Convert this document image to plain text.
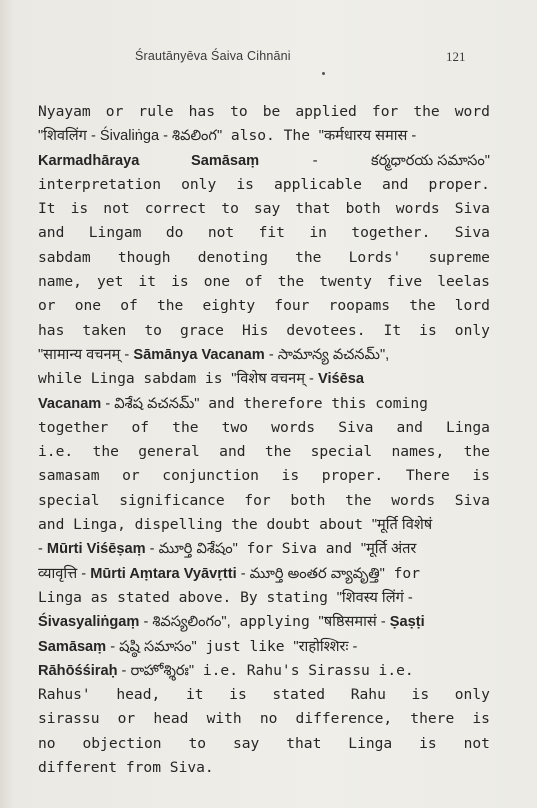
Śrautānyēva Śaiva Cihnāni	121
Nyayam or rule has to be applied for the word
"शिवलिंग - Śivaliṅga - శివలింగ" also. The "कर्मधारय समास -
Karmadhāraya	Samāsaṃ	-	కర్మధారయ సమాసం"
interpretation only is applicable and proper.
It is not correct to say that both words Siva
and Lingam do not fit in together. Siva
sabdam though denoting the Lords' supreme
name, yet it is one of the twenty five leelas
or one of the eighty four roopams the lord
has taken to grace His devotees. It is only
"सामान्य वचनम् - Sāmānya Vacanam - సామాన్య వచనమ్",
while Linga sabdam is "विशेष वचनम् - Viśēsa
Vacanam - విశేష వచనమ్" and therefore this coming
together of the two words Siva and Linga
i.e. the general and the special names, the
samasam or conjunction is proper. There is
special significance for both the words Siva
and Linga, dispelling the doubt about "मूर्ति विशेषं
- Mūrti Viśēṣaṃ - మూర్తి విశేషం" for Siva and "मूर्ति अंतर
व्यावृत्ति - Mūrti Aṃtara Vyāvṛtti - మూర్తి అంతర వ్యావృత్తి" for
Linga as stated above. By stating "शिवस्य लिंगं -
Śivasyaliṅgaṃ - శివస్యలింగం", applying "षष्ठिसमासं - Ṣaṣṭi
Samāsaṃ - షష్ఠి సమాసం" just like "राहोश्शिरः -
Rāhōśśiraḥ - రాహోశ్శిరః" i.e. Rahu's Sirassu i.e.
Rahus' head, it is stated Rahu is only
sirassu or head with no difference, there is
no objection to say that Linga is not
different from Siva.
